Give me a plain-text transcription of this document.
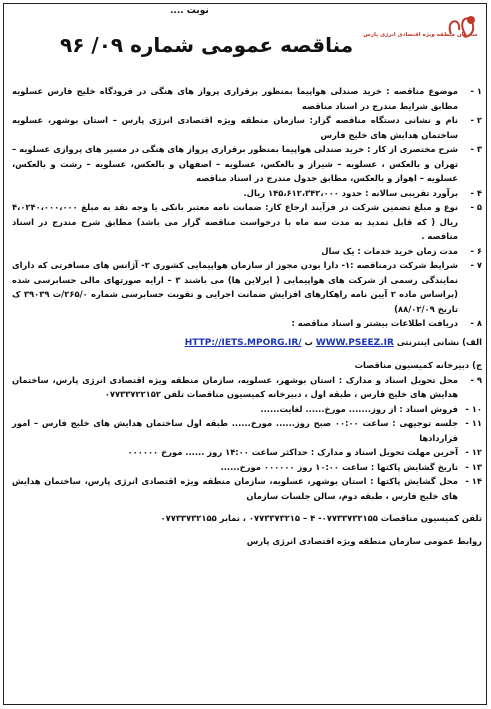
نوبت ....
سازمان منطقه ویژه اقتصادی انرژی پارس
مناقصه عمومی شماره ۰۹/ ۹۶
۱ -
موضوع مناقصه : خرید صندلی هواپیما بمنظور برقراری پرواز های هنگی در فرودگاه خلیج فارس عسلویه مطابق شرایط مندرج در اسناد مناقصه
۲ -
نام و نشانی دستگاه مناقصه گزار: سازمان منطقه ویژه اقتصادی انرژی پارس – استان بوشهر، عسلویه ساختمان هدایش های خلیج فارس
۳ -
شرح مختصری از کار : خرید صندلی هواپیما بمنظور برقراری پرواز های هنگی در مسیر های پروازی عسلویه – تهران و بالعکس ، عسلویه – شیراز و بالعکس، عسلویه – اصفهان و بالعکس، عسلویه – رشت و بالعکس، عسلویه – اهواز و بالعکس، مطابق جدول مندرج در اسناد مناقصه
۴ -
برآورد تقریبی سالانه : حدود ۱۴۵،۶۱۲،۳۴۲،۰۰۰ ریال.
۵ -
نوع و مبلغ تضمین شرکت در فرآیند ارجاع کار: ضمانت نامه معتبر بانکی یا وجه نقد به مبلغ ۴،۰۲۴۰،۰۰۰،۰۰۰ ریال ( که قابل تمدید به مدت سه ماه با درخواست مناقصه گزار می باشد) مطابق شرح مندرج در اسناد مناقصه .
۶ -
مدت زمان خرید خدمات : یک سال
۷ -
شرایط شرکت درمناقصه :۱- دارا بودن مجوز از سازمان هواپیمایی کشوری ۲- آژانس های مسافرتی که دارای نمایندگی رسمی از شرکت های هواپیمایی ( ایرلاین ها) می باشند ۳ – ارایه صورتهای مالی حسابرسی شده (براساس ماده ۲ آیین نامه راهکارهای افزایش ضمانت اجرایی و تقویت حسابرسی شماره ۲۶۵/۰/ت ۳۹۰۳۹ ک تاریخ ۸۸/۰۲/۰۹)
۸ -
دریافت اطلاعات بیشتر و اسناد مناقصه :
الف) نشانی اینترنتی WWW.PSEEZ.IR ب HTTP://IETS.MPORG.IR/
ج) دبیرخانه کمیسیون مناقصات
۹ -
محل تحویل اسناد و مدارک : استان بوشهر، عسلویه، سازمان منطقه ویژه اقتصادی انرژی پارس، ساختمان هدایش های خلیج فارس ، طبقه اول ، دبیرخانه کمیسیون مناقصات تلفن ۰۷۷۳۳۷۲۲۱۵۲
۱۰ -
فروش اسناد : از روز....... مورخ...... لغایت......
۱۱ -
جلسه توجیهی : ساعت ۰۰:۰۰ صبح روز...... مورخ...... طبقه اول ساختمان هدایش های خلیج فارس – امور قراردادها
۱۲ -
آخرین مهلت تحویل اسناد و مدارک : حداکثر ساعت ۱۴:۰۰ روز ...... مورخ ۰۰۰۰۰۰
۱۳ -
تاریخ گشایش پاکتها : ساعت ۱۰:۰۰ روز ۰۰۰۰۰۰ مورخ......
۱۴ -
محل گشایش پاکتها : استان بوشهر، عسلویه، سازمان منطقه ویژه اقتصادی انرژی پارس، ساختمان هدایش های خلیج فارس ، طبقه دوم، سالن جلسات سازمان
تلفن کمیسیون مناقصات ۰۷۷۳۳۷۳۲۱۵۵- ۴ – ۰۷۷۳۳۷۳۲۱۵ ، نمابر ۰۷۷۳۳۷۳۲۱۵۵
روابط عمومی سازمان منطقه ویژه اقتصادی انرژی پارس
